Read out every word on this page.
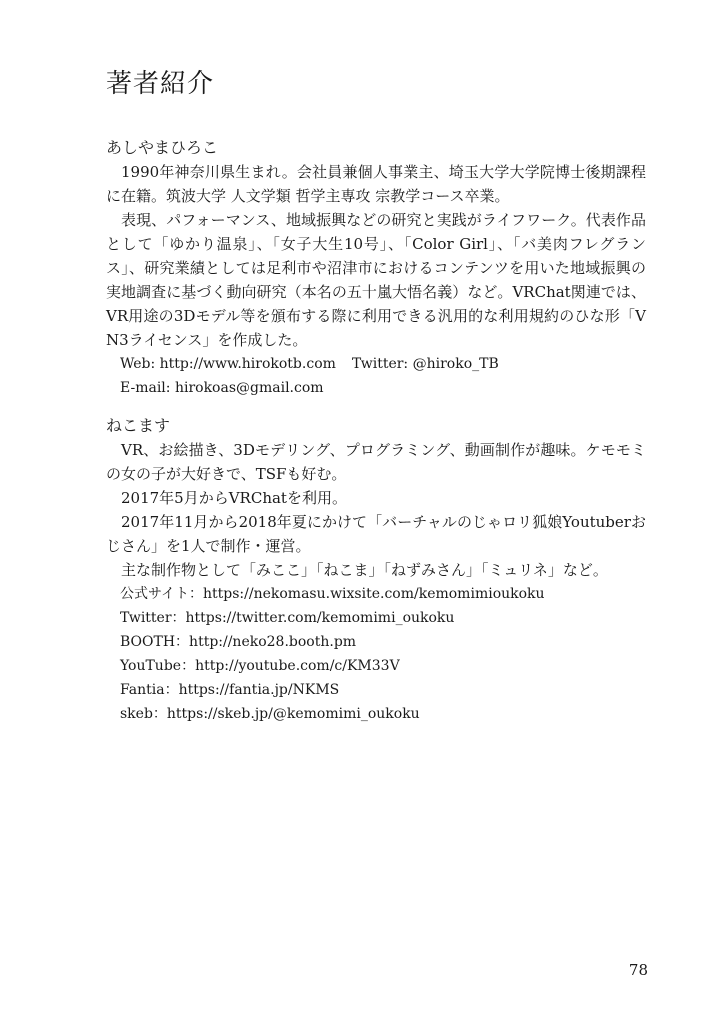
著者紹介
あしやまひろこ

1990年神奈川県生まれ。会社員兼個人事業主、埼玉大学大学院博士後期課程に在籍。筑波大学 人文学類 哲学主専攻 宗教学コース卒業。

表現、パフォーマンス、地域振興などの研究と実践がライフワーク。代表作品として「ゆかり温泉」、「女子大生10号」、「Color Girl」、「バ美肉フレグランス」、研究業績としては足利市や沼津市におけるコンテンツを用いた地域振興の実地調査に基づく動向研究（本名の五十嵐大悟名義）など。VRChat関連では、VR用途の3Dモデル等を頒布する際に利用できる汎用的な利用規約のひな形「VN3ライセンス」を作成した。

Web: http://www.hirokotb.com Twitter: @hiroko_TB
E-mail: hirokoas@gmail.com
ねこます

VR、お絵描き、3Dモデリング、プログラミング、動画制作が趣味。ケモモミの女の子が大好きで、TSFも好む。

2017年5月からVRChatを利用。

2017年11月から2018年夏にかけて「バーチャルのじゃロリ狐娘Youtuberおじさん」を1人で制作・運営。

主な制作物として「みここ」「ねこま」「ねずみさん」「ミュリネ」など。

公式サイト：https://nekomasu.wixsite.com/kemomimioukoku
Twitter：https://twitter.com/kemomimi_oukoku
BOOTH：http://neko28.booth.pm
YouTube：http://youtube.com/c/KM33V
Fantia：https://fantia.jp/NKMS
skeb：https://skeb.jp/@kemomimi_oukoku
78
